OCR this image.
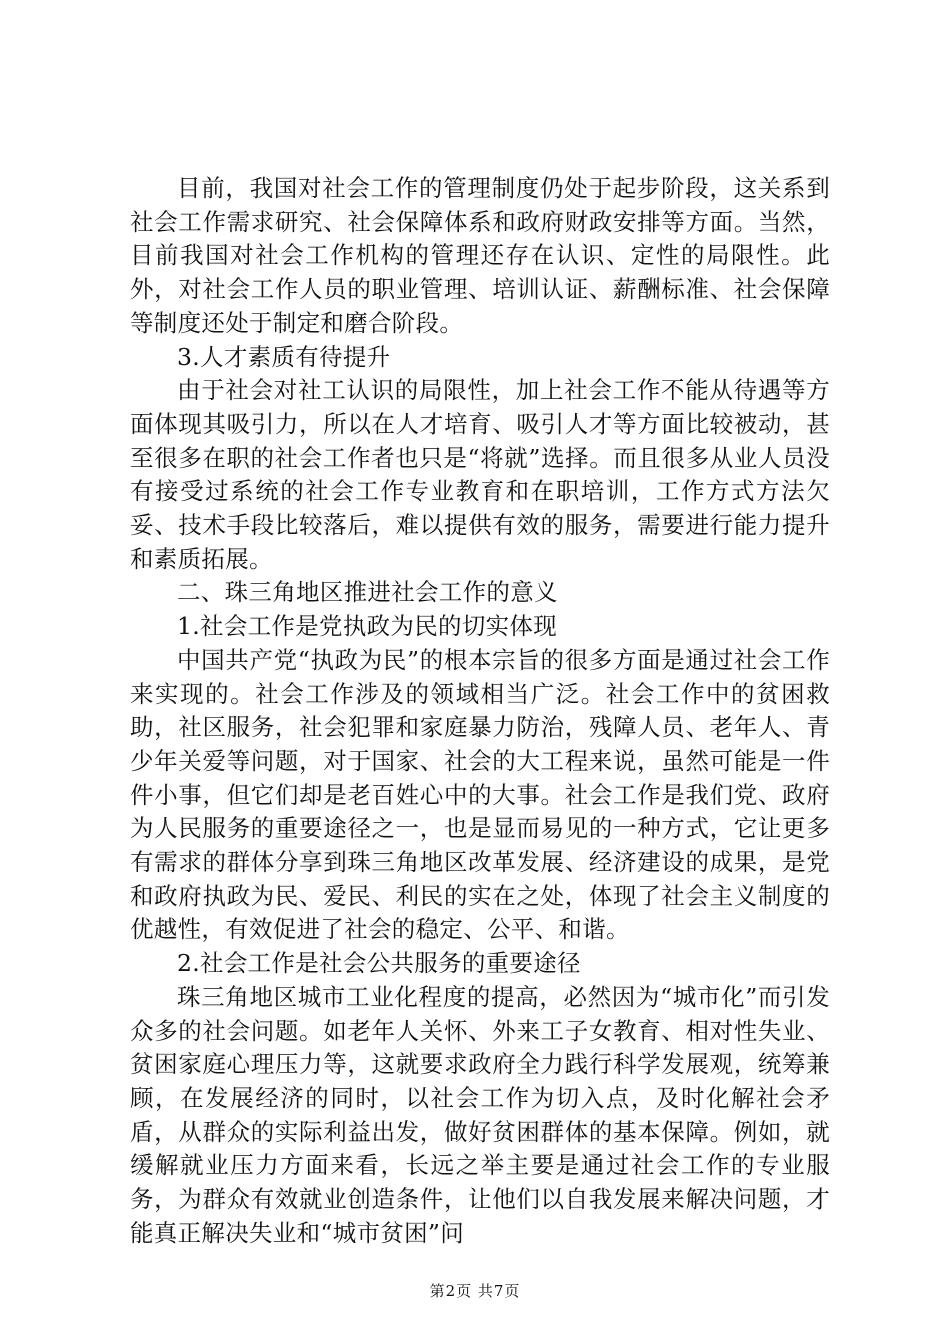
目前，我国对社会工作的管理制度仍处于起步阶段，这关系到社会工作需求研究、社会保障体系和政府财政安排等方面。当然，目前我国对社会工作机构的管理还存在认识、定性的局限性。此外，对社会工作人员的职业管理、培训认证、薪酬标准、社会保障等制度还处于制定和磨合阶段。

3.人才素质有待提升

由于社会对社工认识的局限性，加上社会工作不能从待遇等方面体现其吸引力，所以在人才培育、吸引人才等方面比较被动，甚至很多在职的社会工作者也只是“将就”选择。而且很多从业人员没有接受过系统的社会工作专业教育和在职培训，工作方式方法欠妥、技术手段比较落后，难以提供有效的服务，需要进行能力提升和素质拓展。

二、珠三角地区推进社会工作的意义

1.社会工作是党执政为民的切实体现

中国共产党“执政为民”的根本宗旨的很多方面是通过社会工作来实现的。社会工作涉及的领域相当广泛。社会工作中的贫困救助，社区服务，社会犯罪和家庭暴力防治，残障人员、老年人、青少年关爱等问题，对于国家、社会的大工程来说，虽然可能是一件件小事，但它们却是老百姓心中的大事。社会工作是我们党、政府为人民服务的重要途径之一，也是显而易见的一种方式，它让更多有需求的群体分享到珠三角地区改革发展、经济建设的成果，是党和政府执政为民、爱民、利民的实在之处，体现了社会主义制度的优越性，有效促进了社会的稳定、公平、和谐。

2.社会工作是社会公共服务的重要途径

珠三角地区城市工业化程度的提高，必然因为“城市化”而引发众多的社会问题。如老年人关怀、外来工子女教育、相对性失业、贫困家庭心理压力等，这就要求政府全力践行科学发展观，统筹兼顾，在发展经济的同时，以社会工作为切入点，及时化解社会矛盾，从群众的实际利益出发，做好贫困群体的基本保障。例如，就缓解就业压力方面来看，长远之举主要是通过社会工作的专业服务，为群众有效就业创造条件，让他们以自我发展来解决问题，才能真正解决失业和“城市贫困”问

第2页 共7页
